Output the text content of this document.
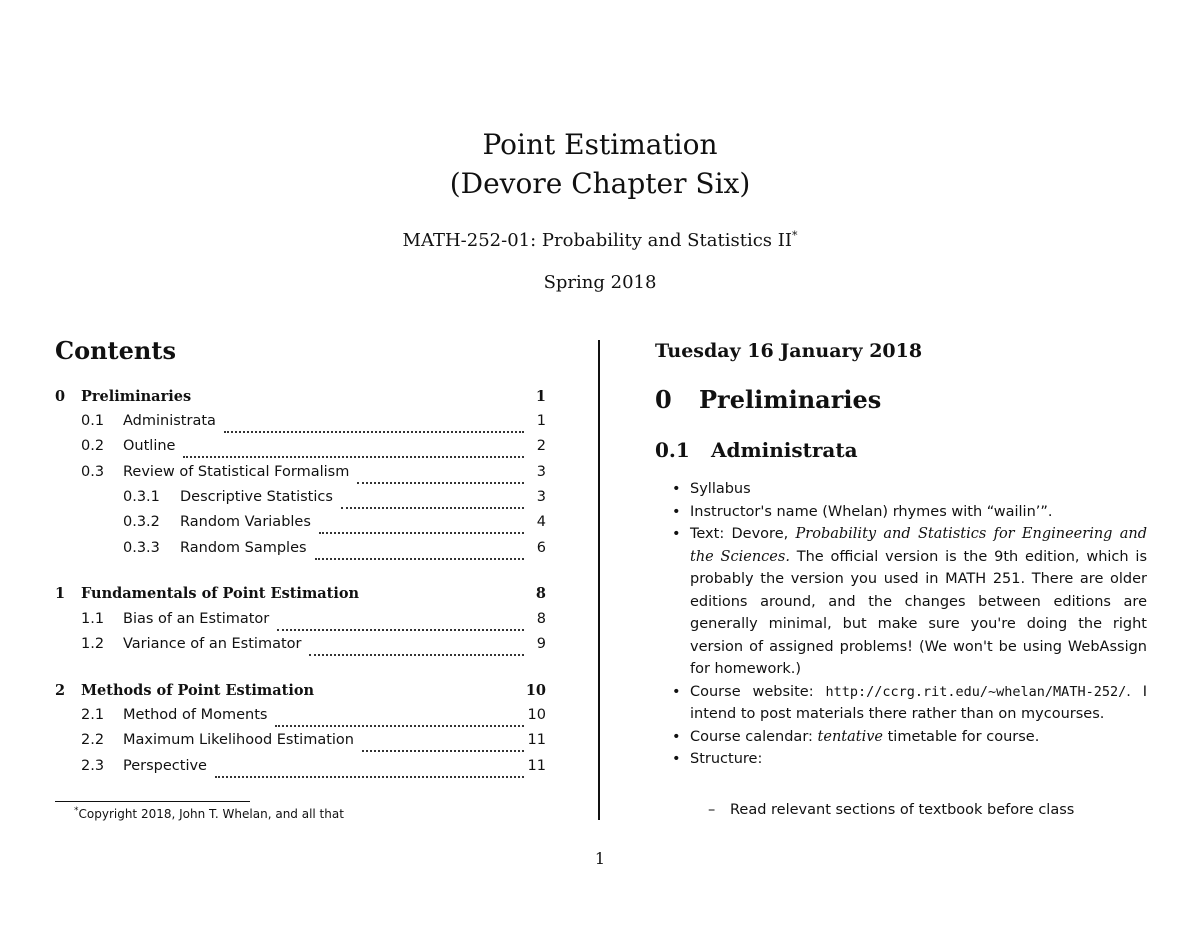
Point Estimation
(Devore Chapter Six)
MATH-252-01: Probability and Statistics II*
Spring 2018
Contents
0 Preliminaries	1
0.1 Administrata	1
0.2 Outline	2
0.3 Review of Statistical Formalism	3
0.3.1 Descriptive Statistics	3
0.3.2 Random Variables	4
0.3.3 Random Samples	6
1 Fundamentals of Point Estimation	8
1.1 Bias of an Estimator	8
1.2 Variance of an Estimator	9
2 Methods of Point Estimation	10
2.1 Method of Moments	10
2.2 Maximum Likelihood Estimation	11
2.3 Perspective	11
*Copyright 2018, John T. Whelan, and all that
Tuesday 16 January 2018
0 Preliminaries
0.1 Administrata
• Syllabus
• Instructor's name (Whelan) rhymes with “wailin’”.
• Text: Devore, Probability and Statistics for Engineering and the Sciences. The official version is the 9th edition, which is probably the version you used in MATH 251. There are older editions around, and the changes between editions are generally minimal, but make sure you're doing the right version of assigned problems! (We won't be using WebAssign for homework.)
• Course website: http://ccrg.rit.edu/~whelan/MATH-252/. I intend to post materials there rather than on mycourses.
• Course calendar: tentative timetable for course.
• Structure:
– Read relevant sections of textbook before class
1
